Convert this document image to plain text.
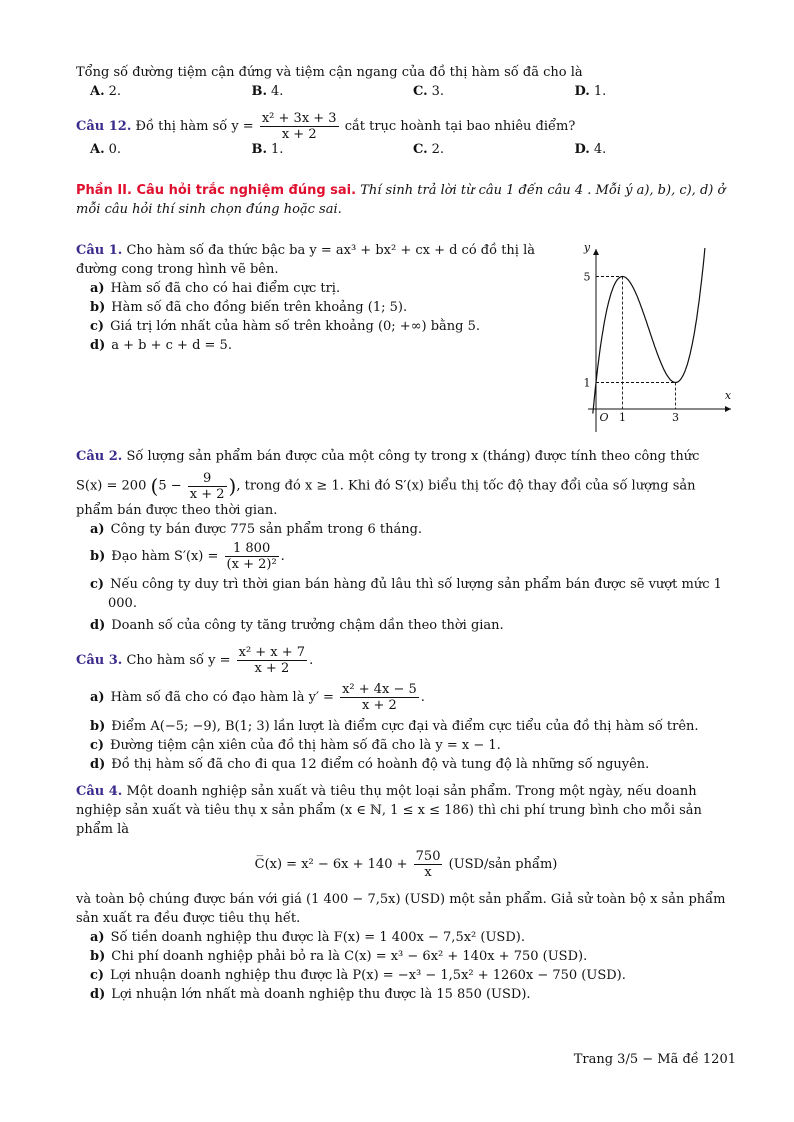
Tổng số đường tiệm cận đứng và tiệm cận ngang của đồ thị hàm số đã cho là
A. 2.	B. 4.	C. 3.	D. 1.
Câu 12. Đồ thị hàm số $y = \frac{\text{x² + 3x + 3}}{x + 2}$ cắt trục hoành tại bao nhiêu điểm?
A. 0.	B. 1.	C. 2.	D. 4.
Phần II. Câu hỏi trắc nghiệm đúng sai. Thí sinh trả lời từ câu 1 đến câu 4 . Mỗi ý a), b), c), d) ở mỗi câu hỏi thí sinh chọn đúng hoặc sai.
Câu 1. Cho hàm số đa thức bậc ba y = ax³ + bx² + cx + d có đồ thị là đường cong trong hình vẽ bên.
a) Hàm số đã cho có hai điểm cực trị.
b) Hàm số đã cho đồng biến trên khoảng (1; 5).
c) Giá trị lớn nhất của hàm số trên khoảng (0; +∞) bằng 5.
d) a + b + c + d = 5.
y
x
O
5
1
1	3
Câu 2. Số lượng sản phẩm bán được của một công ty trong x (tháng) được tính theo công thức
S(x) = 200 ($5 - \frac{9}{x + 2}$ ), trong đó x ≥ 1. Khi đó S′(x) biểu thị tốc độ thay đổi của số lượng sản
phẩm bán được theo thời gian.
a) Công ty bán được 775 sản phẩm trong 6 tháng.
b) Đạo hàm $S'(x) = \frac{1 800}{\text{(x + 2)²}}$ .
c) Nếu công ty duy trì thời gian bán hàng đủ lâu thì số lượng sản phẩm bán được sẽ vượt mức 1 000.
d) Doanh số của công ty tăng trưởng chậm dần theo thời gian.
Câu 3. Cho hàm số $y = \frac{\text{x² + x + 7}}{x + 2}$ .
a) Hàm số đã cho có đạo hàm là $y' = \frac{\text{x² + 4x − 5}}{x + 2}$ .
b) Điểm A(−5; −9), B(1; 3) lần lượt là điểm cực đại và điểm cực tiểu của đồ thị hàm số trên.
c) Đường tiệm cận xiên của đồ thị hàm số đã cho là y = x − 1.
d) Đồ thị hàm số đã cho đi qua 12 điểm có hoành độ và tung độ là những số nguyên.
Câu 4. Một doanh nghiệp sản xuất và tiêu thụ một loại sản phẩm. Trong một ngày, nếu doanh nghiệp sản xuất và tiêu thụ x sản phẩm (x ∈ ℕ, 1 ≤ x ≤ 186) thì chi phí trung bình cho mỗi sản phẩm là
C̅(x) = $x^2 - 6x + 140 + \frac{750}{x}$ (USD/sản phẩm)
và toàn bộ chúng được bán với giá (1 400 − 7,5x) (USD) một sản phẩm. Giả sử toàn bộ x sản phẩm sản xuất ra đều được tiêu thụ hết.
a) Số tiền doanh nghiệp thu được là F(x) = 1 400x − 7,5x² (USD).
b) Chi phí doanh nghiệp phải bỏ ra là C(x) = x³ − 6x² + 140x + 750 (USD).
c) Lợi nhuận doanh nghiệp thu được là P(x) = −x³ − 1,5x² + 1260x − 750 (USD).
d) Lợi nhuận lớn nhất mà doanh nghiệp thu được là 15 850 (USD).
Trang 3/5 − Mã đề 1201
